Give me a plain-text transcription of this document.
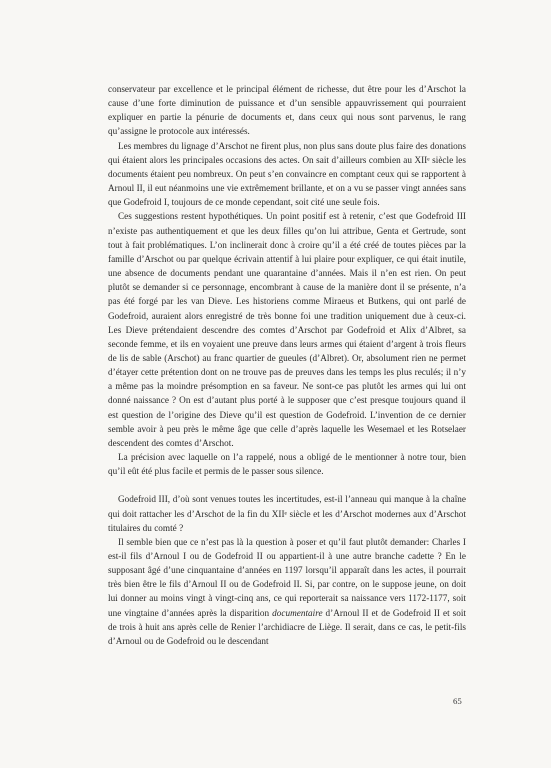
conservateur par excellence et le principal élément de richesse, dut être pour les d’Arschot la cause d’une forte diminution de puissance et d’un sensible appauvrissement qui pourraient expliquer en partie la pénurie de documents et, dans ceux qui nous sont parvenus, le rang qu’assigne le protocole aux intéressés.

Les membres du lignage d’Arschot ne firent plus, non plus sans doute plus faire des donations qui étaient alors les principales occasions des actes. On sait d’ailleurs combien au XIIᵉ siècle les documents étaient peu nombreux. On peut s’en convaincre en comptant ceux qui se rapportent à Arnoul II, il eut néanmoins une vie extrêmement brillante, et on a vu se passer vingt années sans que Godefroid I, toujours de ce monde cependant, soit cité une seule fois.

Ces suggestions restent hypothétiques. Un point positif est à retenir, c’est que Godefroid III n’existe pas authentiquement et que les deux filles qu’on lui attribue, Genta et Gertrude, sont tout à fait problématiques. L’on inclinerait donc à croire qu’il a été créé de toutes pièces par la famille d’Arschot ou par quelque écrivain attentif à lui plaire pour expliquer, ce qui était inutile, une absence de documents pendant une quarantaine d’années. Mais il n’en est rien. On peut plutôt se demander si ce personnage, encombrant à cause de la manière dont il se présente, n’a pas été forgé par les van Dieve. Les historiens comme Miraeus et Butkens, qui ont parlé de Godefroid, auraient alors enregistré de très bonne foi une tradition uniquement due à ceux-ci. Les Dieve prétendaient descendre des comtes d’Arschot par Godefroid et Alix d’Albret, sa seconde femme, et ils en voyaient une preuve dans leurs armes qui étaient d’argent à trois fleurs de lis de sable (Arschot) au franc quartier de gueules (d’Albret). Or, absolument rien ne permet d’étayer cette prétention dont on ne trouve pas de preuves dans les temps les plus reculés; il n’y a même pas la moindre présomption en sa faveur. Ne sont-ce pas plutôt les armes qui lui ont donné naissance ? On est d’autant plus porté à le supposer que c’est presque toujours quand il est question de l’origine des Dieve qu’il est question de Godefroid. L’invention de ce dernier semble avoir à peu près le même âge que celle d’après laquelle les Wesemael et les Rotselaer descendent des comtes d’Arschot.

La précision avec laquelle on l’a rappelé, nous a obligé de le mentionner à notre tour, bien qu’il eût été plus facile et permis de le passer sous silence.

Godefroid III, d’où sont venues toutes les incertitudes, est-il l’anneau qui manque à la chaîne qui doit rattacher les d’Arschot de la fin du XIIᵉ siècle et les d’Arschot modernes aux d’Arschot titulaires du comté ?

Il semble bien que ce n’est pas là la question à poser et qu’il faut plutôt demander: Charles I est-il fils d’Arnoul I ou de Godefroid II ou appartient-il à une autre branche cadette ? En le supposant âgé d’une cinquantaine d’années en 1197 lorsqu’il apparaît dans les actes, il pourrait très bien être le fils d’Arnoul II ou de Godefroid II. Si, par contre, on le suppose jeune, on doit lui donner au moins vingt à vingt-cinq ans, ce qui reporterait sa naissance vers 1172-1177, soit une vingtaine d’années après la disparition documentaire d’Arnoul II et de Godefroid II et soit de trois à huit ans après celle de Renier l’archidiacre de Liège. Il serait, dans ce cas, le petit-fils d’Arnoul ou de Godefroid ou le descendant

65
